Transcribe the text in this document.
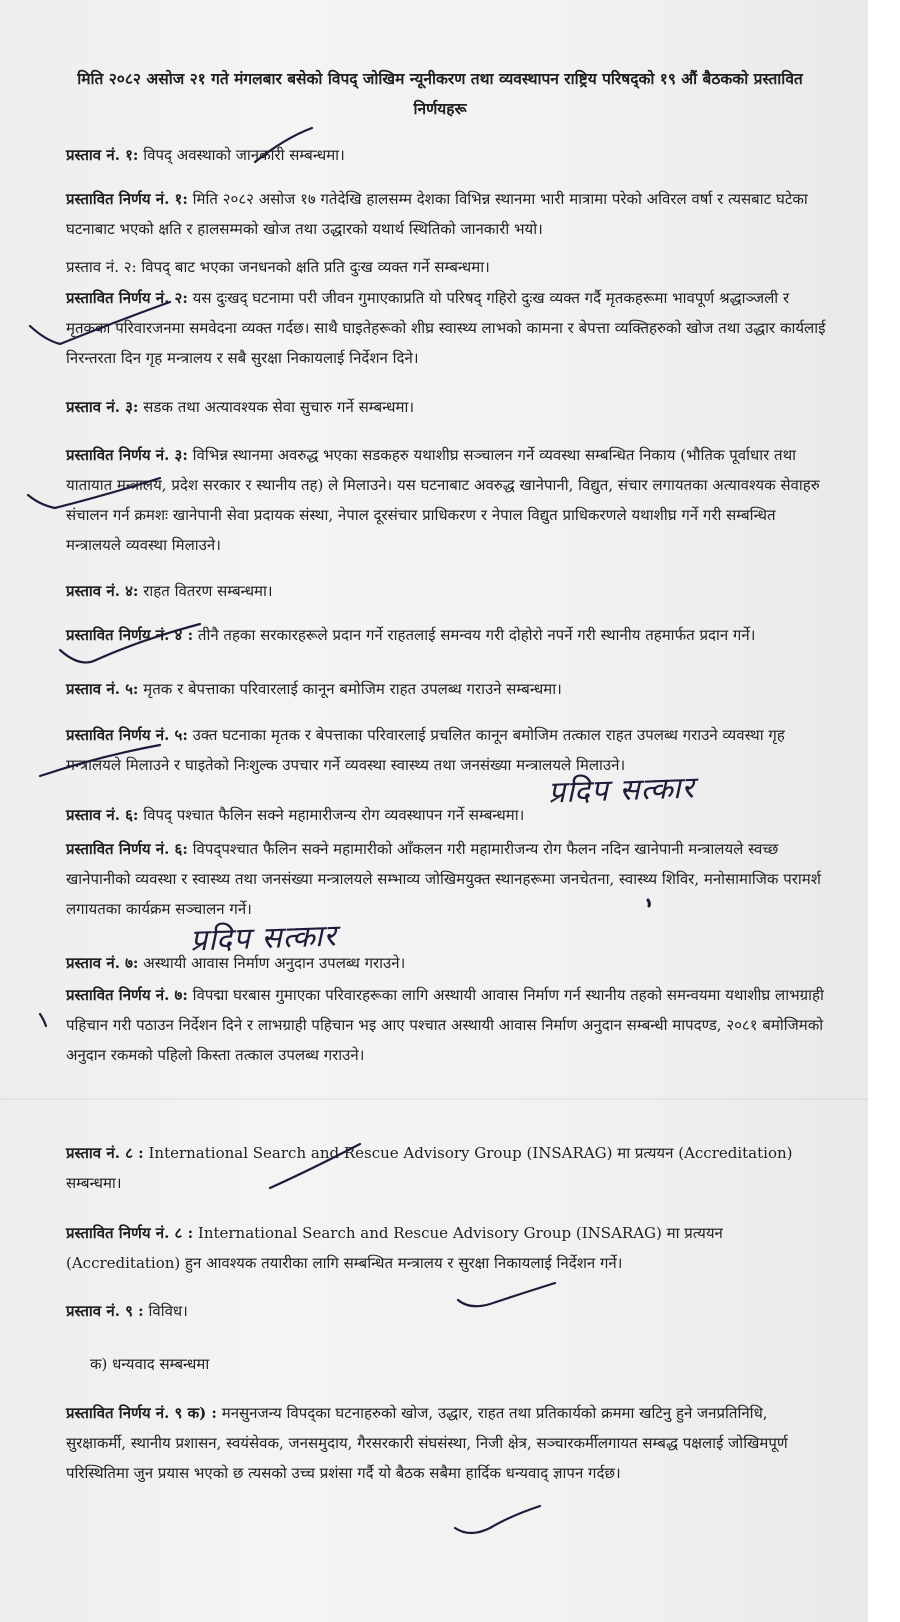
मिति २०८२ असोज २१ गते मंगलबार बसेको विपद् जोखिम न्यूनीकरण तथा व्यवस्थापन राष्ट्रिय परिषद्को १९ औं बैठकको प्रस्तावित निर्णयहरू
प्रस्ताव नं. १: विपद् अवस्थाको जानकारी सम्बन्धमा।
प्रस्तावित निर्णय नं. १: मिति २०८२ असोज १७ गतेदेखि हालसम्म देशका विभिन्न स्थानमा भारी मात्रामा परेको अविरल वर्षा र त्यसबाट घटेका घटनाबाट भएको क्षति र हालसम्मको खोज तथा उद्धारको यथार्थ स्थितिको जानकारी भयो।
प्रस्ताव नं. २: विपद् बाट भएका जनधनको क्षति प्रति दुःख व्यक्त गर्ने सम्बन्धमा।
प्रस्तावित निर्णय नं. २: यस दुःखद् घटनामा परी जीवन गुमाएकाप्रति यो परिषद् गहिरो दुःख व्यक्त गर्दै मृतकहरूमा भावपूर्ण श्रद्धाञ्जली र मृतकका परिवारजनमा समवेदना व्यक्त गर्दछ। साथै घाइतेहरूको शीघ्र स्वास्थ्य लाभको कामना र बेपत्ता व्यक्तिहरुको खोज तथा उद्धार कार्यलाई निरन्तरता दिन गृह मन्त्रालय र सबै सुरक्षा निकायलाई निर्देशन दिने।
प्रस्ताव नं. ३: सडक तथा अत्यावश्यक सेवा सुचारु गर्ने सम्बन्धमा।
प्रस्तावित निर्णय नं. ३: विभिन्न स्थानमा अवरुद्ध भएका सडकहरु यथाशीघ्र सञ्चालन गर्ने व्यवस्था सम्बन्धित निकाय (भौतिक पूर्वाधार तथा यातायात मन्त्रालय, प्रदेश सरकार र स्थानीय तह) ले मिलाउने। यस घटनाबाट अवरुद्ध खानेपानी, विद्युत, संचार लगायतका अत्यावश्यक सेवाहरु संचालन गर्न क्रमशः खानेपानी सेवा प्रदायक संस्था, नेपाल दूरसंचार प्राधिकरण र नेपाल विद्युत प्राधिकरणले यथाशीघ्र गर्ने गरी सम्बन्धित मन्त्रालयले व्यवस्था मिलाउने।
प्रस्ताव नं. ४: राहत वितरण सम्बन्धमा।
प्रस्तावित निर्णय नं. ४ : तीनै तहका सरकारहरूले प्रदान गर्ने राहतलाई समन्वय गरी दोहोरो नपर्ने गरी स्थानीय तहमार्फत प्रदान गर्ने।
प्रस्ताव नं. ५: मृतक र बेपत्ताका परिवारलाई कानून बमोजिम राहत उपलब्ध गराउने सम्बन्धमा।
प्रस्तावित निर्णय नं. ५: उक्त घटनाका मृतक र बेपत्ताका परिवारलाई प्रचलित कानून बमोजिम तत्काल राहत उपलब्ध गराउने व्यवस्था गृह मन्त्रालयले मिलाउने र घाइतेको निःशुल्क उपचार गर्ने व्यवस्था स्वास्थ्य तथा जनसंख्या मन्त्रालयले मिलाउने।
प्रस्ताव नं. ६: विपद् पश्चात फैलिन सक्ने महामारीजन्य रोग व्यवस्थापन गर्ने सम्बन्धमा।
प्रस्तावित निर्णय नं. ६: विपद्पश्चात फैलिन सक्ने महामारीको आँकलन गरी महामारीजन्य रोग फैलन नदिन खानेपानी मन्त्रालयले स्वच्छ खानेपानीको व्यवस्था र स्वास्थ्य तथा जनसंख्या मन्त्रालयले सम्भाव्य जोखिमयुक्त स्थानहरूमा जनचेतना, स्वास्थ्य शिविर, मनोसामाजिक परामर्श लगायतका कार्यक्रम सञ्चालन गर्ने।
प्रस्ताव नं. ७: अस्थायी आवास निर्माण अनुदान उपलब्ध गराउने।
प्रस्तावित निर्णय नं. ७: विपद्मा घरबास गुमाएका परिवारहरूका लागि अस्थायी आवास निर्माण गर्न स्थानीय तहको समन्वयमा यथाशीघ्र लाभग्राही पहिचान गरी पठाउन निर्देशन दिने र लाभग्राही पहिचान भइ आए पश्चात अस्थायी आवास निर्माण अनुदान सम्बन्धी मापदण्ड, २०८१ बमोजिमको अनुदान रकमको पहिलो किस्ता तत्काल उपलब्ध गराउने।
प्रस्ताव नं. ८ : International Search and Rescue Advisory Group (INSARAG) मा प्रत्ययन (Accreditation) सम्बन्धमा।
प्रस्तावित निर्णय नं. ८ : International Search and Rescue Advisory Group (INSARAG) मा प्रत्ययन (Accreditation) हुन आवश्यक तयारीका लागि सम्बन्धित मन्त्रालय र सुरक्षा निकायलाई निर्देशन गर्ने।
प्रस्ताव नं. ९ : विविध।
क) धन्यवाद सम्बन्धमा
प्रस्तावित निर्णय नं. ९ क) : मनसुनजन्य विपद्का घटनाहरुको खोज, उद्धार, राहत तथा प्रतिकार्यको क्रममा खटिनु हुने जनप्रतिनिधि, सुरक्षाकर्मी, स्थानीय प्रशासन, स्वयंसेवक, जनसमुदाय, गैरसरकारी संघसंस्था, निजी क्षेत्र, सञ्चारकर्मीलगायत सम्बद्ध पक्षलाई जोखिमपूर्ण परिस्थितिमा जुन प्रयास भएको छ त्यसको उच्च प्रशंसा गर्दै यो बैठक सबैमा हार्दिक धन्यवाद् ज्ञापन गर्दछ।
प्रदिप सत्कार
प्रदिप सत्कार
